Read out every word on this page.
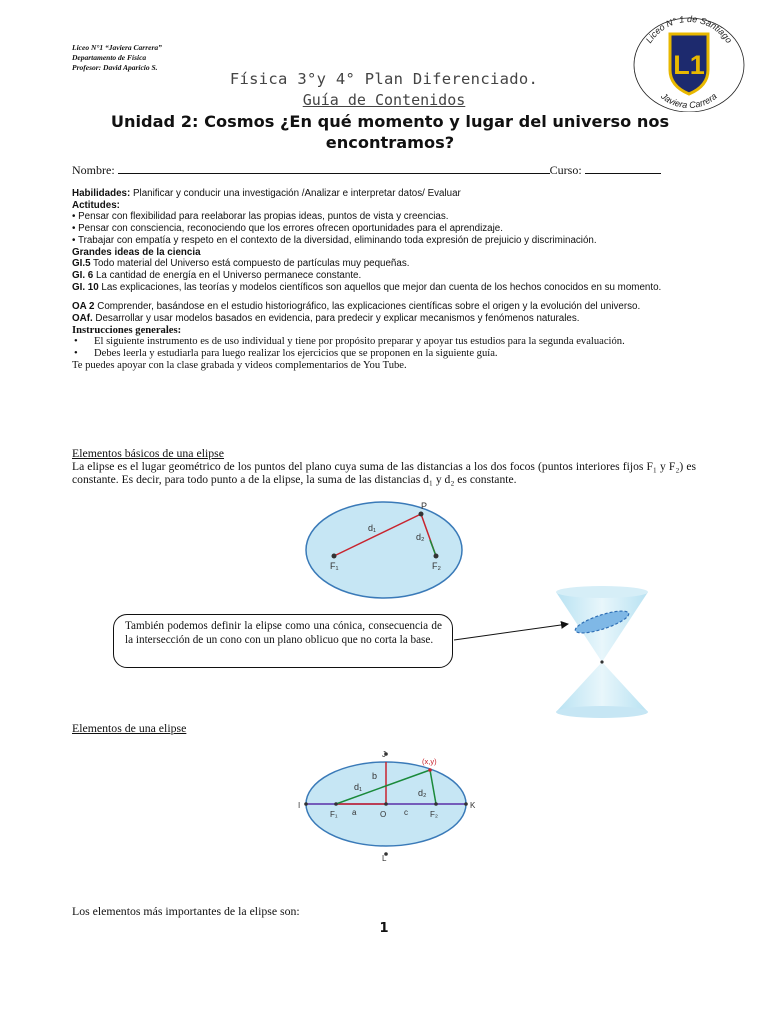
Liceo N°1 “Javiera Carrera”
Departamento de Física
Profesor: David Aparicio S.
Liceo N° 1 de Santiago
Javiera Carrera
L1
Física 3°y 4° Plan Diferenciado.
Guía de Contenidos
Unidad 2: Cosmos ¿En qué momento y lugar del universo nos encontramos?
Nombre:	Curso:

Habilidades: Planificar y conducir una investigación /Analizar e interpretar datos/ Evaluar

Actitudes:

• Pensar con flexibilidad para reelaborar las propias ideas, puntos de vista y creencias.

• Pensar con consciencia, reconociendo que los errores ofrecen oportunidades para el aprendizaje.

• Trabajar con empatía y respeto en el contexto de la diversidad, eliminando toda expresión de prejuicio y discriminación.

Grandes ideas de la ciencia

GI.5 Todo material del Universo está compuesto de partículas muy pequeñas.

GI. 6 La cantidad de energía en el Universo permanece constante.

GI. 10 Las explicaciones, las teorías y modelos científicos son aquellos que mejor dan cuenta de los hechos conocidos en su momento.

OA 2 Comprender, basándose en el estudio historiográfico, las explicaciones científicas sobre el origen y la evolución del universo.

OAf. Desarrollar y usar modelos basados en evidencia, para predecir y explicar mecanismos y fenómenos naturales.

Instrucciones generales:

• El siguiente instrumento es de uso individual y tiene por propósito preparar y apoyar tus estudios para la segunda evaluación.
• Debes leerla y estudiarla para luego realizar los ejercicios que se proponen en la siguiente guía.

Te puedes apoyar con la clase grabada y videos complementarios de You Tube.

Elementos básicos de una elipse
La elipse es el lugar geométrico de los puntos del plano cuya suma de las distancias a los dos focos (puntos interiores fijos F₁ y F₂) es constante. Es decir, para todo punto a de la elipse, la suma de las distancias d₁ y d₂ es constante.
P
d₁
d₂
F₁	F₂
También podemos definir la elipse como una cónica, consecuencia de la intersección de un cono con un plano oblicuo que no corta la base.
Elementos de una elipse
J
(x,y)
b
d₁
d₂
I	K
F₁ a	O c	F₂
L
Los elementos más importantes de la elipse son:
1
